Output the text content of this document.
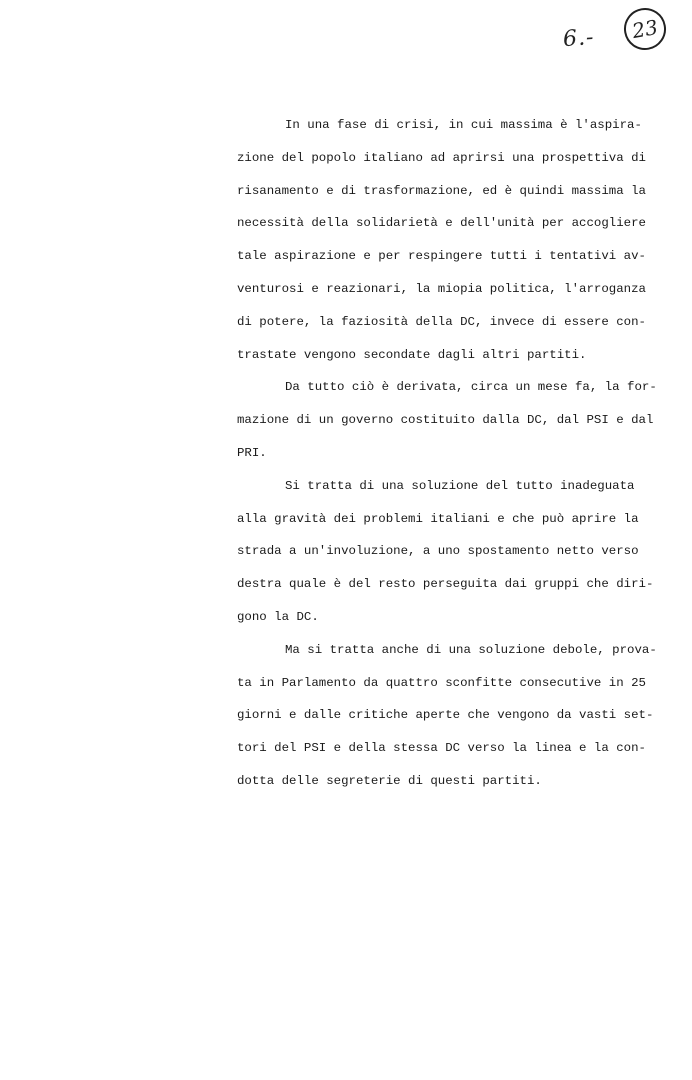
6.-	23
In una fase di crisi, in cui massima è l'aspira-
zione del popolo italiano ad aprirsi una prospettiva di
risanamento e di trasformazione, ed è quindi massima la
necessità della solidarietà e dell'unità per accogliere
tale aspirazione e per respingere tutti i tentativi av-
venturosi e reazionari, la miopia politica, l'arroganza
di potere, la faziosità della DC, invece di essere con-
trastate vengono secondate dagli altri partiti.
Da tutto ciò è derivata, circa un mese fa, la for-
mazione di un governo costituito dalla DC, dal PSI e dal
PRI.
Si tratta di una soluzione del tutto inadeguata
alla gravità dei problemi italiani e che può aprire la
strada a un'involuzione, a uno spostamento netto verso
destra quale è del resto perseguita dai gruppi che diri-
gono la DC.
Ma si tratta anche di una soluzione debole, prova-
ta in Parlamento da quattro sconfitte consecutive in 25
giorni e dalle critiche aperte che vengono da vasti set-
tori del PSI e della stessa DC verso la linea e la con-
dotta delle segreterie di questi partiti.
